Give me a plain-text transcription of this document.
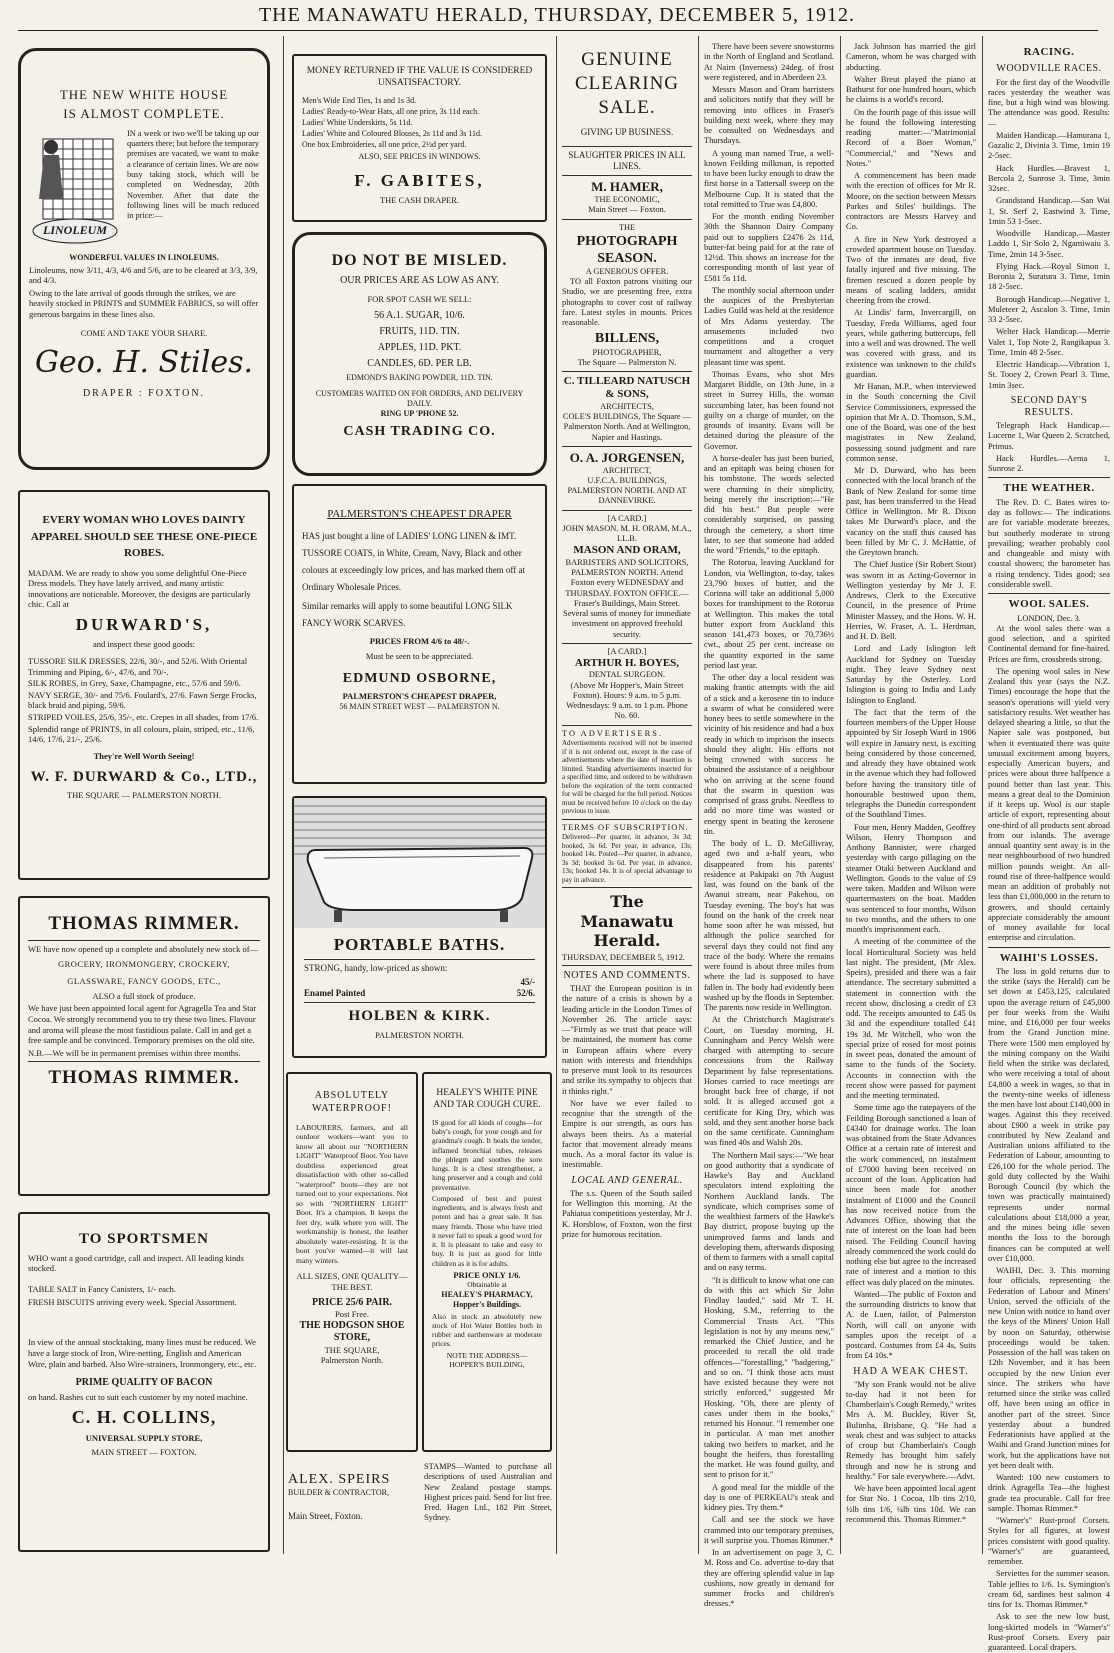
THE MANAWATU HERALD, THURSDAY, DECEMBER 5, 1912.
THE NEW WHITE HOUSE
IS ALMOST COMPLETE.
LINOLEUM
IN a week or two we'll be taking up our quarters there; but before the temporary premises are vacated, we want to make a clearance of certain lines. We are now busy taking stock, which will be completed on Wednesday, 20th November. After that date the following lines will be much reduced in price:—
WONDERFUL VALUES IN LINOLEUMS.

Linoleums, now 3/11, 4/3, 4/6 and 5/6, are to be cleared at 3/3, 3/9, and 4/3.

Owing to the late arrival of goods through the strikes, we are heavily stocked in PRINTS and SUMMER FABRICS, so will offer generous bargains in these lines also.

COME AND TAKE YOUR SHARE.

Geo. H. Stiles.
DRAPER : FOXTON.
EVERY WOMAN WHO LOVES DAINTY APPAREL SHOULD SEE THESE ONE-PIECE ROBES.

MADAM. We are ready to show you some delightful One-Piece Dress models. They have lately arrived, and many artistic innovations are noticeable. Moreover, the designs are particularly chic. Call at

DURWARD'S,
and inspect these good goods:
TUSSORE SILK DRESSES, 22/6, 30/-, and 52/6. With Oriental Trimming and Piping, 6/-, 47/6, and 70/-.
SILK ROBES, in Grey, Saxe, Champagne, etc., 57/6 and 59/6.
NAVY SERGE, 30/- and 75/6. Foulard's, 27/6. Fawn Serge Frocks, black braid and piping, 59/6.
STRIPED VOILES, 25/6, 35/-, etc. Crepes in all shades, from 17/6.
Splendid range of PRINTS, in all colours, plain, striped, etc., 11/6, 14/6, 17/6, 21/-, 25/6.
They're Well Worth Seeing!
W. F. DURWARD & Co., LTD.,
THE SQUARE — PALMERSTON NORTH.
THOMAS RIMMER.

WE have now opened up a complete and absolutely new stock of—

GROCERY, IRONMONGERY, CROCKERY, GLASSWARE, FANCY GOODS, ETC.,

ALSO a full stock of produce.

We have just been appointed local agent for Agragella Tea and Star Cocoa. We strongly recommend you to try these two lines. Flavour and aroma will please the most fastidious palate. Call in and get a free sample and be convinced. Temporary premises on the old site.

N.B.—We will be in permanent premises within three months.

THOMAS RIMMER.
TO SPORTSMEN

WHO want a good cartridge, call and inspect. All leading kinds stocked.

TABLE SALT in Fancy Canisters, 1/- each.

FRESH BISCUITS arriving every week. Special Assortment.

In view of the annual stocktaking, many lines must be reduced. We have a large stock of Iron, Wire-netting, English and American Wire, plain and barbed. Also Wire-strainers, Ironmongery, etc., etc.

PRIME QUALITY OF BACON

on hand. Rashes cut to suit each customer by my noted machine.

C. H. COLLINS,
UNIVERSAL SUPPLY STORE,
MAIN STREET — FOXTON.
MONEY RETURNED IF THE VALUE IS CONSIDERED UNSATISFACTORY.
Men's Wide End Ties, 1s and 1s 3d.
Ladies' Ready-to-Wear Hats, all one price, 3s 11d each.
Ladies' White Underskirts, 5s 11d.
Ladies' White and Coloured Blouses, 2s 11d and 3s 11d.
One box Embroideries, all one price, 2½d per yard.
ALSO, SEE PRICES IN WINDOWS.
F. GABITES,
THE CASH DRAPER.
DO NOT BE MISLED.
OUR PRICES ARE AS LOW AS ANY.
FOR SPOT CASH WE SELL:
56 A.1. SUGAR, 10/6.
FRUITS, 11D. TIN.
APPLES, 11D. PKT.
CANDLES, 6D. PER LB.
EDMOND'S BAKING POWDER, 11D. TIN.
CUSTOMERS WAITED ON FOR ORDERS, AND DELIVERY DAILY.
RING UP 'PHONE 52.
CASH TRADING CO.
PALMERSTON'S CHEAPEST DRAPER

HAS just bought a line of LADIES' LONG LINEN & IMT. TUSSORE COATS, in White, Cream, Navy, Black and other colours at exceedingly low prices, and has marked them off at Ordinary Wholesale Prices.

Similar remarks will apply to some beautiful LONG SILK FANCY WORK SCARVES.

PRICES FROM 4/6 to 48/-.
Must be seen to be appreciated.
EDMUND OSBORNE,
PALMERSTON'S CHEAPEST DRAPER,
56 MAIN STREET WEST — PALMERSTON N.
PORTABLE BATHS.

STRONG, handy, low-priced as shown:

45/-
Enamel Painted	52/6.
HOLBEN & KIRK.
PALMERSTON NORTH.
ABSOLUTELY WATERPROOF!

LABOURERS, farmers, and all outdoor workers—want you to know all about our "NORTHERN LIGHT" Waterproof Boot. You have doubtless experienced great dissatisfaction with other so-called "waterproof" boots—they are not turned out to your expectations. Not so with "NORTHERN LIGHT" Boot. It's a champion. It keeps the feet dry, walk where you will. The workmanship is honest, the leather absolutely water-resisting. It is the boot you've wanted—it will last many winters.

ALL SIZES, ONE QUALITY—THE BEST.
PRICE 25/6 PAIR.
Post Free.
THE HODGSON SHOE STORE,
THE SQUARE,
Palmerston North.
HEALEY'S WHITE PINE AND TAR COUGH CURE.

IS good for all kinds of coughs—for baby's cough, for your cough and for grandma's cough. It heals the tender, inflamed bronchial tubes, releases the phlegm and soothes the sore lungs. It is a chest strengthener, a lung preserver and a cough and cold preventative.

Composed of best and purest ingredients, and is always fresh and potent and has a great sale. It has many friends. Those who have tried it never fail to speak a good word for it. It is pleasant to take and easy to buy. It is just as good for little children as it is for adults.

PRICE ONLY 1/6.
Obtainable at
HEALEY'S PHARMACY,
Hopper's Buildings.

Also in stock an absolutely new stock of Hot Water Bottles both in rubber and earthenware at moderate prices.

NOTE THE ADDRESS—
HOPPER'S BUILDING,
ALEX. SPEIRS
BUILDER & CONTRACTOR,
Main Street, Foxton.

STAMPS—Wanted to purchase all descriptions of used Australian and New Zealand postage stamps. Highest prices paid. Send for list free. Fred. Hagen Ltd., 182 Pitt Street, Sydney.

GENUINE
CLEARING
SALE.
GIVING UP BUSINESS.
SLAUGHTER PRICES IN ALL LINES.
M. HAMER,
THE ECONOMIC,
Main Street — Foxton.
THE
PHOTOGRAPH SEASON.
A GENEROUS OFFER.

TO all Foxton patrons visiting our Studio, we are presenting free, extra photographs to cover cost of railway fare. Latest styles in mounts. Prices reasonable.

BILLENS,
PHOTOGRAPHER,
The Square — Palmerston N.
C. TILLEARD NATUSCH & SONS,
ARCHITECTS,
COLE'S BUILDINGS, The Square — Palmerston North. And at Wellington, Napier and Hastings.
O. A. JORGENSEN,
ARCHITECT,
U.F.C.A. BUILDINGS, PALMERSTON NORTH. AND AT DANNEVIRKE.
[A CARD.]
JOHN MASON. M. H. ORAM, M.A., LL.B.
MASON AND ORAM,
BARRISTERS AND SOLICITORS, PALMERSTON NORTH. Attend Foxton every WEDNESDAY and THURSDAY. FOXTON OFFICE.—Fraser's Buildings, Main Street. Several sums of money for immediate investment on approved freehold security.
[A CARD.]
ARTHUR H. BOYES,
DENTAL SURGEON.
(Above Mr Hopper's, Main Street Foxton). Hours: 9 a.m. to 5 p.m. Wednesdays: 9 a.m. to 1 p.m. Phone No. 60.
TO ADVERTISERS.
Advertisements received will not be inserted if it is not ordered out, except in the case of advertisements where the date of insertion is limited. Standing advertisements inserted for a specified time, and ordered to be withdrawn before the expiration of the term contracted for will be charged for the full period. Notices must be received before 10 o'clock on the day previous to issue.
TERMS OF SUBSCRIPTION.
Delivered—Per quarter, in advance, 3s 3d; booked, 3s 6d. Per year, in advance, 13s; booked 14s. Posted—Per quarter, in advance, 3s 3d; booked 3s 6d. Per year, in advance, 13s; booked 14s. It is of special advantage to pay in advance.
The Manawatu Herald.
THURSDAY, DECEMBER 5, 1912.
NOTES AND COMMENTS.

THAT the European position is in the nature of a crisis is shown by a leading article in the London Times of November 26. The article says:—"Firmly as we trust that peace will be maintained, the moment has come in European affairs where every nation with interests and friendships to preserve must look to its resources and strike its sympathy to objects that it thinks right."

Nor have we ever failed to recognise that the strength of the Empire is our strength, as ours has always been theirs. As a material factor that movement already means much. As a moral factor its value is inestimable.

LOCAL AND GENERAL.

The s.s. Queen of the South sailed for Wellington this morning. At the Pahiatua competitions yesterday, Mr J. K. Horsblow, of Foxton, won the first prize for humorous recitation.

There have been severe snowstorms in the North of England and Scotland. At Nairn (Inverness) 24deg. of frost were registered, and in Aberdeen 23.

Messrs Mason and Oram barristers and solicitors notify that they will be removing into offices in Fraser's building next week, where they may be consulted on Wednesdays and Thursdays.

A young man named True, a well-known Feilding milkman, is reported to have been lucky enough to draw the first horse in a Tattersall sweep on the Melbourne Cup. It is stated that the total remitted to True was £4,800.

For the month ending November 30th the Shannon Dairy Company paid out to suppliers £2476 2s 11d, butter-fat being paid for at the rate of 12½d. This shows an increase for the corresponding month of last year of £581 5s 11d.

The monthly social afternoon under the auspices of the Presbyterian Ladies Guild was held at the residence of Mrs Adams yesterday. The amusements included two competitions and a croquet tournament and altogether a very pleasant time was spent.

Thomas Evans, who shot Mrs Margaret Biddle, on 13th June, in a street in Surrey Hills, the woman succumbing later, has been found not guilty on a charge of murder, on the grounds of insanity. Evans will be detained during the pleasure of the Governor.

A horse-dealer has just been buried, and an epitaph was being chosen for his tombstone. The words selected were charming in their simplicity, being merely the inscription:—"He did his best." But people were considerably surprised, on passing through the cemetery, a short time later, to see that someone had added the word "Friends," to the epitaph.

The Rotorua, leaving Auckland for London, via Wellington, to-day, takes 23,790 boxes of butter, and the Corinna will take an additional 5,000 boxes for transhipment to the Rotorua at Wellington. This makes the total butter export from Auckland this season 141,473 boxes, or 70,736½ cwt., about 25 per cent. increase on the quantity exported in the same period last year.

The other day a local resident was making frantic attempts with the aid of a stick and a kerosene tin to induce a swarm of what he considered were honey bees to settle somewhere in the vicinity of his residence and had a box ready in which to imprison the insects should they alight. His efforts not being crowned with success he obtained the assistance of a neighbour who on arriving at the scene found that the swarm in question was comprised of grass grubs. Needless to add no more time was wasted or energy spent in beating the kerosene tin.

The body of L. D. McGillivray, aged two and a-half years, who disappeared from his parents' residence at Pakipaki on 7th August last, was found on the bank of the Awanui stream, near Pakehou, on Tuesday evening. The boy's hat was found on the bank of the creek near home soon after he was missed, but although the police searched for several days they could not find any trace of the body. Where the remains were found is about three miles from where the lad is supposed to have fallen in. The body had evidently been washed up by the floods in September. The parents now reside in Wellington.

At the Christchurch Magistrate's Court, on Tuesday morning, H. Cunningham and Percy Welsh were charged with attempting to secure concessions from the Railway Department by false representations. Horses carried to race meetings are brought back free of charge, if not sold. It is alleged accused got a certificate for King Dry, which was sold, and they sent another horse back on the same certificate. Cunningham was fined 40s and Walsh 20s.

The Northern Mail says:—"We hear on good authority that a syndicate of Hawke's Bay and Auckland speculators intend exploiting the Northern Auckland lands. The syndicate, which comprises some of the wealthiest farmers of the Hawke's Bay district, propose buying up the unimproved farms and lands and developing them, afterwards disposing of them to farmers with a small capital and on easy terms.

"It is difficult to know what one can do with this act which Sir John Findlay lauded," said Mr T. H. Hosking, S.M., referring to the Commercial Trusts Act. "This legislation is not by any means new," remarked the Chief Justice, and he proceeded to recall the old trade offences—"forestalling," "badgering," and so on. "I think those acts must have existed because they were not strictly enforced," suggested Mr Hosking. "Oh, there are plenty of cases under them in the books," returned his Honour. "I remember one in particular. A man met another taking two heifers to market, and he bought the heifers, thus forestalling the market. He was found guilty, and sent to prison for it."

A good meal for the middle of the day is one of PERKEAU's steak and kidney pies. Try them.*

Call and see the stock we have crammed into our temporary premises, it will surprise you. Thomas Rimmer.*

In an advertisement on page 3, C. M. Ross and Co. advertise to-day that they are offering splendid value in lap cushions, now greatly in demand for summer frocks and children's dresses.*

Jack Johnson has married the girl Cameron, whom he was charged with abducting.

Walter Breut played the piano at Bathurst for one hundred hours, which he claims is a world's record.

On the fourth page of this issue will be found the following interesting reading matter:—"Matrimonial Record of a Boer Woman," "Commercial," and "News and Notes."

A commencement has been made with the erection of offices for Mr R. Moore, on the section between Messrs Parkes and Stiles' buildings. The contractors are Messrs Harvey and Co.

A fire in New York destroyed a crowded apartment house on Tuesday. Two of the inmates are dead, five fatally injured and five missing. The firemen rescued a dozen people by means of scaling ladders, amidst cheering from the crowd.

At Lindis' farm, Invercargill, on Tuesday, Freda Williams, aged four years, while gathering buttercups, fell into a well and was drowned. The well was covered with grass, and its existence was unknown to the child's guardian.

Mr Hanan, M.P., when interviewed in the South concerning the Civil Service Commissioners, expressed the opinion that Mr A. D. Thomson, S.M., one of the Board, was one of the best magistrates in New Zealand, possessing sound judgment and rare common sense.

Mr D. Durward, who has been connected with the local branch of the Bank of New Zealand for some time past, has been transferred to the Head Office in Wellington. Mr R. Dixon takes Mr Durward's place, and the vacancy on the staff thus caused has been filled by Mr C. J. McHattie, of the Greytown branch.

The Chief Justice (Sir Robert Stout) was sworn in as Acting-Governor in Wellington yesterday by Mr J. F. Andrews, Clerk to the Executive Council, in the presence of Prime Minister Massey, and the Hons. W. H. Herries, W. Fraser, A. L. Herdman, and H. D. Bell.

Lord and Lady Islington left Auckland for Sydney on Tuesday night. They leave Sydney next Saturday by the Osterley. Lord Islington is going to India and Lady Islington to England.

The fact that the term of the fourteen members of the Upper House appointed by Sir Joseph Ward in 1906 will expire in January next, is exciting being considered by those concerned, and already they have obtained work in the avenue which they had followed before having the transitory title of honourable bestowed upon them, telegraphs the Dunedin correspondent of the Southland Times.

Four men, Henry Madden, Geoffrey Wilson, Henry Thompson and Anthony Bannister, were charged yesterday with cargo pillaging on the steamer Otaki between Auckland and Wellington. Goods to the value of £9 were taken. Madden and Wilson were quartermasters on the boat. Madden was sentenced to four months, Wilson to two months, and the others to one month's imprisonment each.

A meeting of the committee of the local Horticultural Society was held last night. The president, (Mr Alex. Speirs), presided and there was a fair attendance. The secretary submitted a statement in connection with the recent show, disclosing a credit of £3 odd. The receipts amounted to £45 0s 3d and the expenditure totalled £41 19s 3d. Mr Witchell, who won the special prize of rosed for most points in sweet peas, donated the amount of same to the funds of the Society. Accounts in connection with the recent show were passed for payment and the meeting terminated.

Some time ago the ratepayers of the Feilding Borough sanctioned a loan of £4340 for drainage works. The loan was obtained from the State Advances Office at a certain rate of interest and the work commenced, on instalment of £7000 having been received on account of the loan. Application had since been made for another instalment of £1000 and the Council has now received notice from the Advances Office, showing that the rate of interest on the loan had been raised. The Feilding Council having already commenced the work could do nothing else but agree to the increased rate of interest and a motion to this effect was duly placed on the minutes.

Wanted—The public of Foxton and the surrounding districts to know that A. de Luen, tailor, of Palmerston North, will call on anyone with samples upon the receipt of a postcard. Costumes from £4 4s, Suits from £4 10s.*

HAD A WEAK CHEST.

"My son Frank would not be alive to-day had it not been for Chamberlain's Cough Remedy," writes Mrs A. M. Buckley, River St, Bulimba, Brisbane, Q. "He had a weak chest and was subject to attacks of croup but Chamberlain's Cough Remedy has brought him safely through and now he is strong and healthy." For sale everywhere.—Advt.

We have been appointed local agent for Star No. 1 Cocoa, 1lb tins 2/10, ½lb tins 1/6, ¼lb tins 10d. We can recommend this. Thomas Rimmer.*

RACING.
WOODVILLE RACES.

For the first day of the Woodville races yesterday the weather was fine, but a high wind was blowing. The attendance was good. Results:—

Maiden Handicap.—Hamurana 1, Gazalic 2, Divinia 3. Time, 1min 19 2-5sec.

Hack Hurdles.—Bravest 1, Bercola 2, Sunrose 3. Time, 3min 32sec.

Grandstand Handicap.—San Wai 1, St. Serf 2, Eastwind 3. Time, 1min 53 1-5sec.

Woodville Handicap.—Master Laddo 1, Sir Solo 2, Ngamiwaiu 3. Time, 2min 14 3-5sec.

Flying Hack.—Royal Simon 1, Boronia 2, Suratura 3. Time, 1min 18 2-5sec.

Borough Handicap.—Negative 1, Muleteer 2, Ascalon 3. Time, 1min 33 2-5sec.

Welter Hack Handicap.—Merrie Valet 1, Top Note 2, Rangikapua 3. Time, 1min 48 2-5sec.

Electric Handicap.—Vibration 1, St. Tooey 2, Crown Pearl 3. Time, 1min 3sec.

SECOND DAY'S RESULTS.

Telegraph Hack Handicap.—Lucerne 1, War Queen 2. Scratched, Primus.

Hack Hurdles.—Aema 1, Sunrose 2.

THE WEATHER.

The Rev. D. C. Bates wires to-day as follows:— The indications are for variable moderate breezes, but southerly moderate to strong prevailing; weather probably cool and changeable and misty with coastal showers; the barometer has a rising tendency. Tides good; sea considerable swell.

WOOL SALES.
LONDON, Dec. 3.

At the wool sales there was a good selection, and a spirited Continental demand for fine-haired. Prices are firm, crossbreds strong.

The opening wool sales in New Zealand this year (says the N.Z. Times) encourage the hope that the season's operations will yield very satisfactory results. Wet weather has delayed shearing a little, so that the Napier sale was postponed, but when it eventuated there was quite unusual excitement among buyers, especially American buyers, and prices were about three halfpence a pound better than last year. This means a great deal to the Dominion if it keeps up. Wool is our staple article of export, representing about one-third of all products sent abroad from our islands. The average annual quantity sent away is in the near neighbourhood of two hundred million pounds weight. An all-round rise of three-halfpence would mean an addition of probably not less than £1,000,000 in the return to growers, and should certainly appreciate considerably the amount of money available for local enterprise and circulation.

WAIHI'S LOSSES.

The loss in gold returns due to the strike (says the Herald) can be set down at £453,125, calculated upon the average return of £45,000 per four weeks from the Waihi mine, and £16,000 per four weeks from the Grand Junction mine. There were 1500 men employed by the mining company on the Waihi field when the strike was declared, who were receiving a total of about £4,800 a week in wages, so that in the twenty-nine weeks of idleness the men have lost about £140,000 in wages. Against this they received about £900 a week in strike pay contributed by New Zealand and Australian unions affiliated to the Federation of Labour, amounting to £26,100 for the whole period. The gold duty collected by the Waihi Borough Council (by which the town was practically maintained) represents under normal calculations about £18,000 a year, and the mines being idle seven months the loss to the borough finances can be computed at well over £10,000.

WAIHI, Dec. 3. This morning four officials, representing the Federation of Labour and Miners' Union, served the officials of the new Union with notice to hand over the keys of the Miners' Union Hall by noon on Saturday, otherwise proceedings would be taken. Possession of the hall was taken on 12th November, and it has been occupied by the new Union ever since. The strikers who have returned since the strike was called off, have been using an office in another part of the street. Since yesterday about a hundred Federationists have applied at the Waihi and Grand Junction mines for work, but the applications have not yet been dealt with.

Wanted: 100 new customers to drink Agragella Tea—the highest grade tea procurable. Call for free sample. Thomas Rimmer.*

"Warner's" Rust-proof Corsets. Styles for all figures, at lowest prices consistent with good quality. "Warner's" are guaranteed, remember.

Serviettes for the summer season. Table jellies to 1/6. 1s. Symington's cream 6d, sardines best salmon 4 tins for 1s. Thomas Rimmer.*

Ask to see the new low bust, long-skirted models in "Warner's" Rust-proof Corsets. Every pair guaranteed. Local drapers.
